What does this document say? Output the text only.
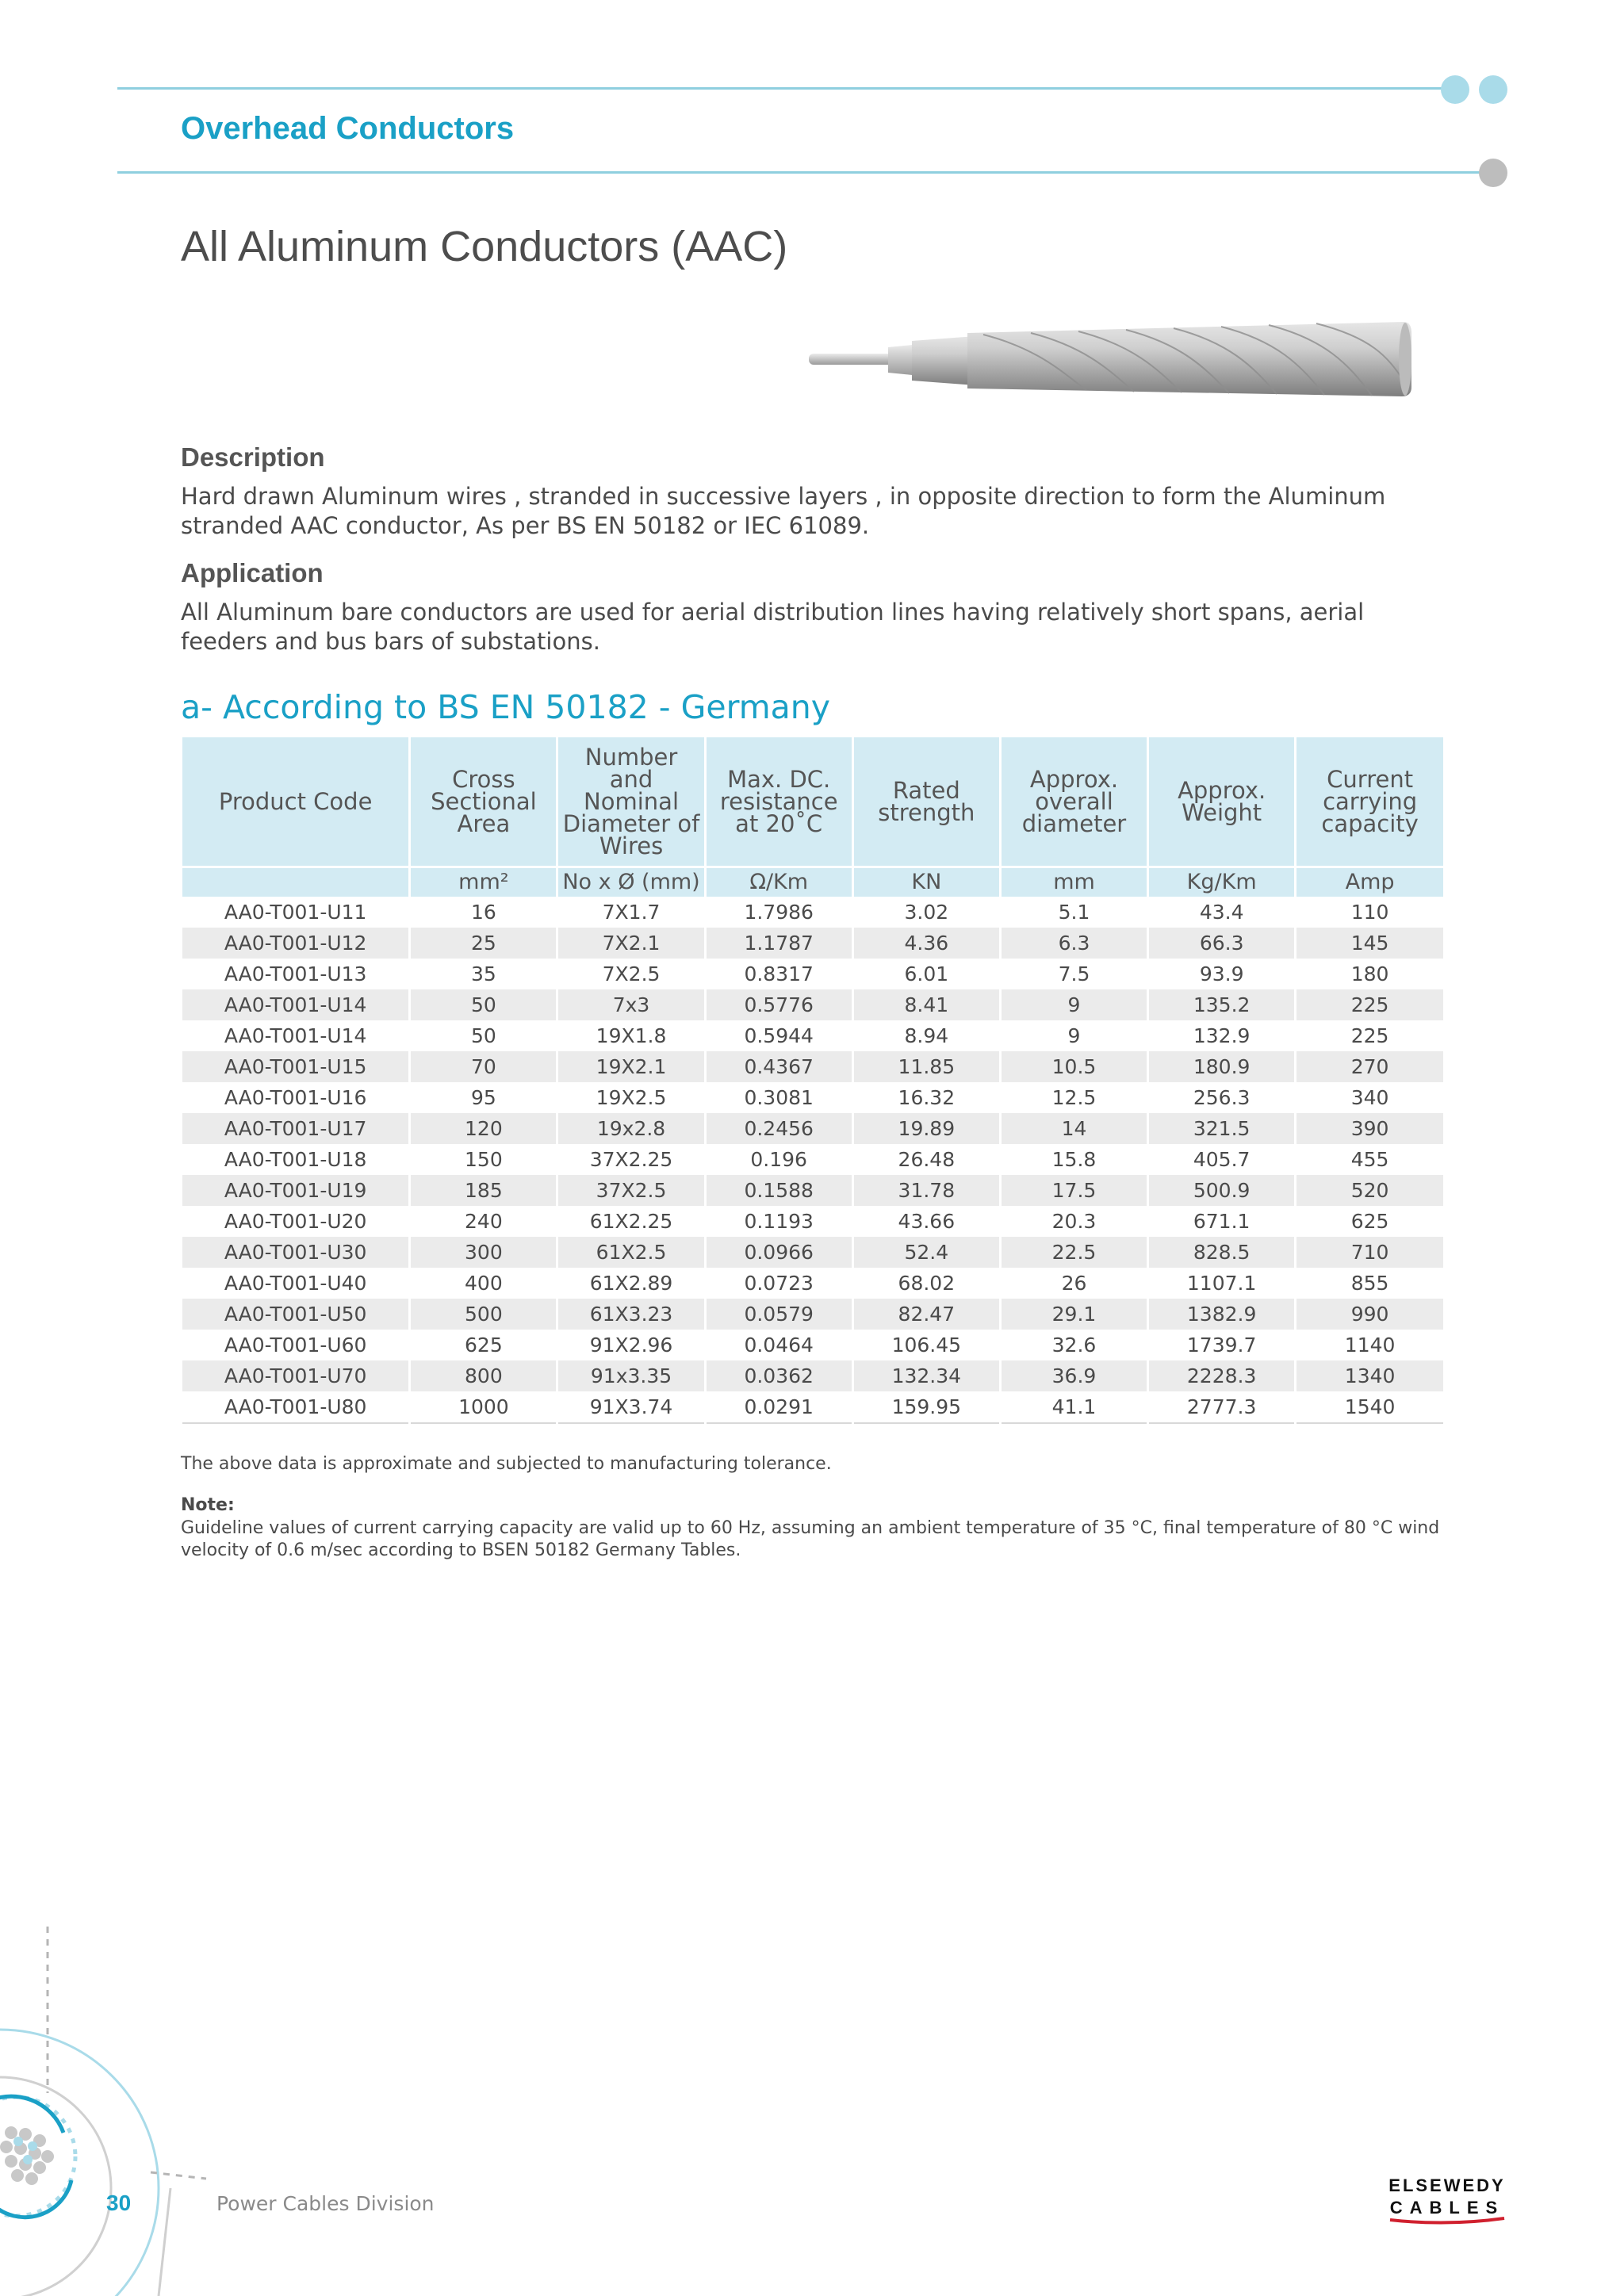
Overhead Conductors
All Aluminum Conductors (AAC)
Description
Hard drawn Aluminum wires , stranded in successive layers , in opposite direction to form the Aluminum stranded AAC conductor, As per BS EN 50182 or IEC 61089.
Application
All Aluminum bare conductors are used for aerial distribution lines having relatively short spans, aerial feeders and bus bars of substations.
a- According to BS EN 50182 - Germany
Product Code	Cross Sectional Area	Number and Nominal Diameter of Wires	Max. DC. resistance at 20˚C	Rated strength	Approx. overall diameter	Approx. Weight	Current carrying capacity
	mm²	No x Ø (mm)	Ω/Km	KN	mm	Kg/Km	Amp
AA0-T001-U11	16	7X1.7	1.7986	3.02	5.1	43.4	110
AA0-T001-U12	25	7X2.1	1.1787	4.36	6.3	66.3	145
AA0-T001-U13	35	7X2.5	0.8317	6.01	7.5	93.9	180
AA0-T001-U14	50	7x3	0.5776	8.41	9	135.2	225
AA0-T001-U14	50	19X1.8	0.5944	8.94	9	132.9	225
AA0-T001-U15	70	19X2.1	0.4367	11.85	10.5	180.9	270
AA0-T001-U16	95	19X2.5	0.3081	16.32	12.5	256.3	340
AA0-T001-U17	120	19x2.8	0.2456	19.89	14	321.5	390
AA0-T001-U18	150	37X2.25	0.196	26.48	15.8	405.7	455
AA0-T001-U19	185	37X2.5	0.1588	31.78	17.5	500.9	520
AA0-T001-U20	240	61X2.25	0.1193	43.66	20.3	671.1	625
AA0-T001-U30	300	61X2.5	0.0966	52.4	22.5	828.5	710
AA0-T001-U40	400	61X2.89	0.0723	68.02	26	1107.1	855
AA0-T001-U50	500	61X3.23	0.0579	82.47	29.1	1382.9	990
AA0-T001-U60	625	91X2.96	0.0464	106.45	32.6	1739.7	1140
AA0-T001-U70	800	91x3.35	0.0362	132.34	36.9	2228.3	1340
AA0-T001-U80	1000	91X3.74	0.0291	159.95	41.1	2777.3	1540
The above data is approximate and subjected to manufacturing tolerance.
Note:
Guideline values of current carrying capacity are valid up to 60 Hz, assuming an ambient temperature of 35 °C, final temperature of 80 °C wind velocity of 0.6 m/sec according to BSEN 50182 Germany Tables.
30	Power Cables Division
ELSEWEDY
CABLES
